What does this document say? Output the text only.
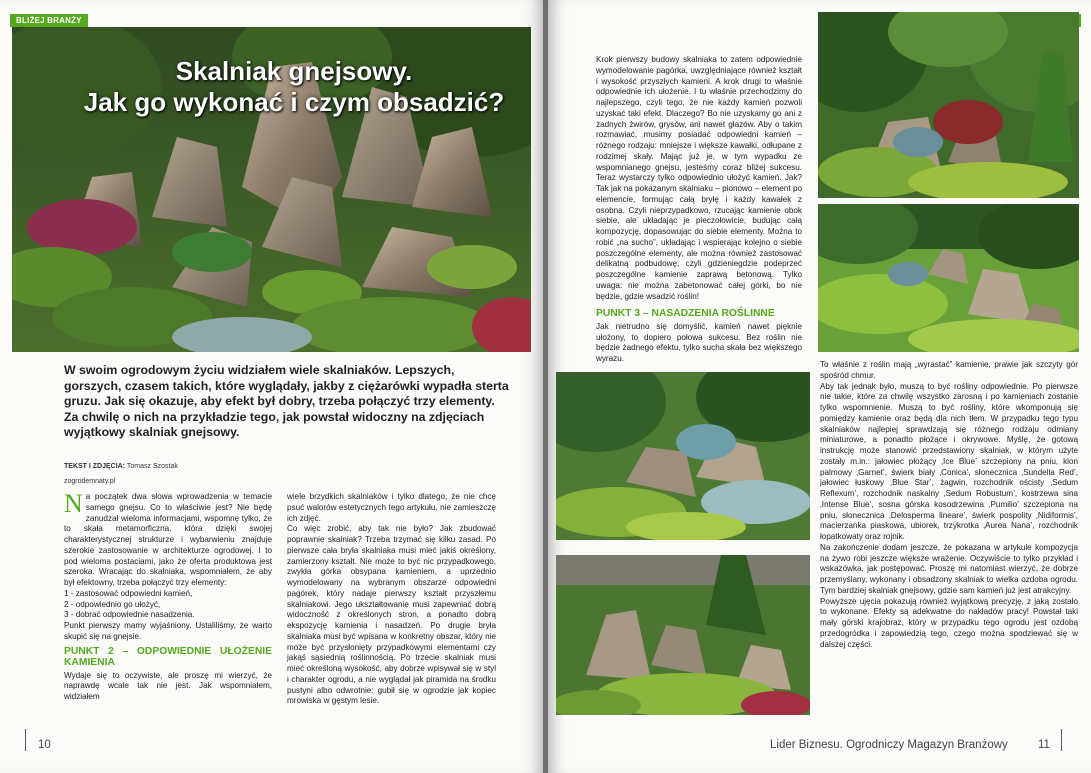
BLIŻEJ BRANŻY
Skalniak gnejsowy.
Jak go wykonać i czym obsadzić?
W swoim ogrodowym życiu widziałem wiele skalniaków. Lepszych, gorszych, czasem takich, które wyglądały, jakby z ciężarówki wypadła sterta gruzu. Jak się okazuje, aby efekt był dobry, trzeba połączyć trzy elementy. Za chwilę o nich na przykładzie tego, jak powstał widoczny na zdjęciach wyjątkowy skalniak gnejsowy.
TEKST I ZDJĘCIA: Tomasz Szostak
zogrodemnaty.pl

Na początek dwa słowa wprowadzenia w temacie samego gnejsu. Co to właściwie jest? Nie będę zanudzał wieloma informacjami, wspomnę tylko, że to skała metamorficzna, która dzięki swojej charakterystycznej strukturze i wybarwieniu znajduje szerokie zastosowanie w architekturze ogrodowej. I to pod wieloma postaciami, jako że oferta produktowa jest szeroka. Wracając do skalniaka, wspomniałem, że aby był efektowny, trzeba połączyć trzy elementy:

1 - zastosować odpowiedni kamień,

2 - odpowiednio go ułożyć,

3 - dobrać odpowiednie nasadzenia.

Punkt pierwszy mamy wyjaśniony. Ustaliliśmy, że warto skupić się na gnejsie.

PUNKT 2 – ODPOWIEDNIE UŁOŻENIE KAMIENIA

Wydaje się to oczywiste, ale proszę mi wierzyć, że naprawdę wcale tak nie jest. Jak wspomniałem, widziałem

wiele brzydkich skalniaków i tylko dlatego, że nie chcę psuć walorów estetycznych tego artykułu, nie zamieszczę ich zdjęć.

Co więc zrobić, aby tak nie było? Jak zbudować poprawnie skalniak? Trzeba trzymać się kilku zasad. Po pierwsze cała bryła skalniaka musi mieć jakiś określony, zamierzony kształt. Nie może to być nic przypadkowego, zwykła górka obsypana kamieniem, a uprzednio wymodelowany na wybranym obszarze odpowiedni pagórek, który nadaje pierwszy kształt przyszłemu skalniakowi. Jego ukształtowanie musi zapewniać dobrą widoczność z określonych stron, a ponadto dobrą ekspozycję kamienia i nasadzeń. Po drugie bryła skalniaka musi być wpisana w konkretny obszar, który nie może być przysłonięty przypadkowymi elementami czy jakąś sąsiednią roślinnością. Po trzecie skalniak musi mieć określoną wysokość, aby dobrze wpisywał się w styl i charakter ogrodu, a nie wyglądał jak piramida na środku pustyni albo odwrotnie: gubił się w ogrodzie jak kopiec mrowiska w gęstym lesie.

10

Krok pierwszy budowy skalniaka to zatem odpowiednie wymodelowanie pagórka, uwzględniające również kształt i wysokość przyszłych kamieni. A krok drugi to właśnie odpowiednie ich ułożenie. I tu właśnie przechodzimy do najlepszego, czyli tego, że nie każdy kamień pozwoli uzyskać taki efekt. Dlaczego? Bo nie uzyskamy go ani z żadnych żwirów, grysów, ani nawet głazów. Aby o takim rozmawiać, musimy posiadać odpowiedni kamień – różnego rodzaju: mniejsze i większe kawałki, odłupane z rodzimej skały. Mając już je, w tym wypadku ze wspomnianego gnejsu, jesteśmy coraz bliżej sukcesu. Teraz wystarczy tylko odpowiednio ułożyć kamień. Jak? Tak jak na pokazanym skalniaku – pionowo – element po elemencie, formując całą bryłę i każdy kawałek z osobna. Czyli nieprzypadkowo, rzucając kamienie obok siebie, ale układając je pieczołowicie, budując całą kompozycję, dopasowując do siebie elementy. Można to robić „na sucho”, układając i wspierając kolejno o siebie poszczególne elementy, ale można również zastosować delikatną podbudowę, czyli gdzieniegdzie podeprzeć poszczególne kamienie zaprawą betonową. Tylko uwaga: nie można zabetonować całej górki, bo nie będzie, gdzie wsadzić roślin!

PUNKT 3 – NASADZENIA ROŚLINNE

Jak nietrudno się domyślić, kamień nawet pięknie ułożony, to dopiero połowa sukcesu. Bez roślin nie będzie żadnego efektu, tylko sucha skała bez większego wyrazu.

To właśnie z roślin mają „wyrastać” kamienie, prawie jak szczyty gór spośród chmur.

Aby tak jednak było, muszą to być rośliny odpowiednie. Po pierwsze nie takie, które za chwilę wszystko zarosną i po kamieniach zostanie tylko wspomnienie. Muszą to być rośliny, które wkomponują się pomiędzy kamienie oraz będą dla nich tłem. W przypadku tego typu skalniaków najlepiej sprawdzają się różnego rodzaju odmiany miniaturowe, a ponadto płożące i okrywowe. Myślę, że gotową instrukcję może stanowić przedstawiony skalniak, w którym użyte zostały m.in.: jałowiec płożący ‚Ice Blue’ szczepiony na pniu, klon palmowy ‚Garnet’, świerk biały ‚Conica’, słonecznica ‚Sundella Red’, jałowiec łuskowy ‚Blue Star’, żagwin, rozchodnik ościsty ‚Sedum Reflexum’, rozchodnik naskalny ‚Sedum Robustum’, kostrzewa sina ‚Intense Blue’, sosna górska kosodrzewina ‚Pumilio’ szczepiona na pniu, słonecznica ‚Delosperma lineare’, świerk pospolity ‚Nidiformis’, macierzanka piaskowa, ubiorek, trzykrotka ‚Aurea Nana’, rozchodnik łopatkowaty oraz rojnik.

Na zakończenie dodam jeszcze, że pokazana w artykule kompozycja na żywo robi jeszcze większe wrażenie. Oczywiście to tylko przykład i wskazówka, jak postępować. Proszę mi natomiast wierzyć, że dobrze przemyślany, wykonany i obsadzony skalniak to wielka ozdoba ogrodu. Tym bardziej skalniak gnejsowy, gdzie sam kamień już jest atrakcyjny.

Powyższe ujęcia pokazują również wyjątkową precyzję, z jaką zostało to wykonane. Efekty są adekwatne do nakładów pracy! Powstał taki mały górski krajobraz, który w przypadku tego ogrodu jest ozdobą przedogródka i zapowiedzią tego, czego można spodziewać się w dalszej części.

Lider Biznesu. Ogrodniczy Magazyn Branżowy	11
